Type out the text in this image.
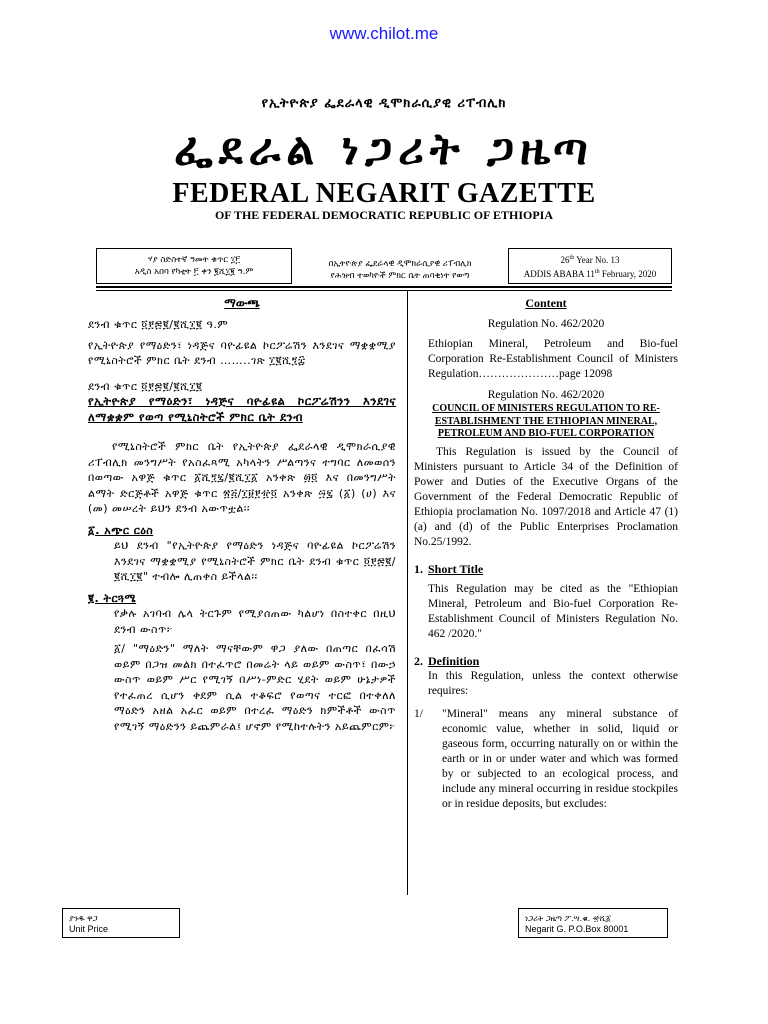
www.chilot.me
የኢትዮጵያ ፌደራላዊ ዲሞክራሲያዊ ሪፐብሊክ
ፌደራል ነጋሪት ጋዜጣ
FEDERAL NEGARIT GAZETTE
OF THE FEDERAL DEMOCRATIC REPUBLIC OF ETHIOPIA
ሃያ ስድስተኛ ዓመት ቁጥር ፲፫
አዲስ አበባ የካቲት ፫ ቀን ፪ሺ፲፪ ዓ.ም
በኢትዮጵያ ፌደራላዊ ዲሞክራሲያዊ ሪፐብሊክ
የሕዝብ ተወካዮች ምክር ቤት ጠባቂነት የወጣ
26th Year No. 13
ADDIS ABABA 11th February, 2020
ማውጫ
ደንብ ቁጥር ፬፻፷፪/፪ሺ፲፪ ዓ.ም
የኢትዮጵያ የማዕድን፣ ነዳጅና ባዮፊዩል ኮርፖሬሽን እንደገና ማቋቋሚያ የሚኒስትሮች ምክር ቤት ደንብ ……..ገጽ ፲፪ሺ፺፰
ደንብ ቁጥር ፬፻፷፪/፪ሺ፲፪
የኢትዮጵያ የማዕድን፣ ነዳጅና ባዮፊዩል ኮርፖሬሽንን እንደገና ለማቋቋም የወጣ የሚኒስትሮች ምክር ቤት ደንብ
የሚኒስትሮች ምክር ቤት የኢትዮጵያ ፌደራላዊ ዲሞክራሲያዊ ሪፐብሊክ መንግሥት የአስፈጻሚ አካላትን ሥልጣንና ተግባር ለመወሰን በወጣው አዋጅ ቁጥር ፩ሺ፺፯/፪ሺ፲፩ አንቀጽ ፴፬ እና በመንግሥት ልማት ድርጅቶች አዋጅ ቁጥር ፳፭/፲፱፻፹፬ አንቀጽ ፵፯ (፩) (ሀ) እና (መ) መሠረት ይህን ደንብ አውጥቷል፡፡
፩. አጭር ርዕስ
ይህ ደንብ "የኢትዮጵያ የማዕድን ነዳጅና ባዮፊዩል ኮርፖሬሽን እንደገና ማቋቋሚያ የሚኒስትሮች ምክር ቤት ደንብ ቁጥር ፬፻፷፪/፪ሺ፲፪" ተብሎ ሊጠቀስ ይችላል፡፡
፪. ትርጓሜ
የቃሉ አገባብ ሌላ ትርጉም የሚያሰጠው ካልሆነ በስተቀር በዚህ ደንብ ውስጥ፦
፩/ "ማዕድን" ማለት ማናቸውም ዋጋ ያለው በጠጣር በፈሳሽ ወይም በጋዝ መልክ በተፈጥሮ በመሬት ላይ ወይም ውስጥ፣ በውኃ ውስጥ ወይም ሥር የሚገኝ በሥነ-ምድር ሂደት ወይም ሁኔታዎች የተፈጠረ ሲሆን ቀደም ሲል ተቆፍሮ የወጣና ተርፎ በተቀለለ ማዕድን አዘል አፈር ወይም በተረፈ ማዕድን ክምችቶች ውስጥ የሚገኝ ማዕድንን ይጨምራል፤ ሆኖም የሚከተሉትን አይጨምርም፦
Content
Regulation No. 462/2020
Ethiopian Mineral, Petroleum and Bio-fuel Corporation Re-Establishment Council of Ministers Regulation…………………page 12098
Regulation No. 462/2020
COUNCIL OF MINISTERS REGULATION TO RE-ESTABLISHMENT THE ETHIOPIAN MINERAL, PETROLEUM AND BIO-FUEL CORPORATION
This Regulation is issued by the Council of Ministers pursuant to Article 34 of the Definition of Power and Duties of the Executive Organs of the Government of the Federal Democratic Republic of Ethiopia proclamation No. 1097/2018 and Article 47 (1) (a) and (d) of the Public Enterprises Proclamation No.25/1992.
1. Short Title
This Regulation may be cited as the "Ethiopian Mineral, Petroleum and Bio-fuel Corporation Re-Establishment Council of Ministers Regulation No. 462 /2020."
2. Definition
In this Regulation, unless the context otherwise requires:
1/	"Mineral" means any mineral substance of economic value, whether in solid, liquid or gaseous form, occurring naturally on or within the earth or in or under water and which was formed by or subjected to an ecological process, and include any mineral occurring in residue stockpiles or in residue deposits, but excludes:
ያንዱ ዋጋ
Unit Price
ነጋሪት ጋዜጣ ፖ.ሣ.ቁ. ፹ሺ፩
Negarit G. P.O.Box 80001
